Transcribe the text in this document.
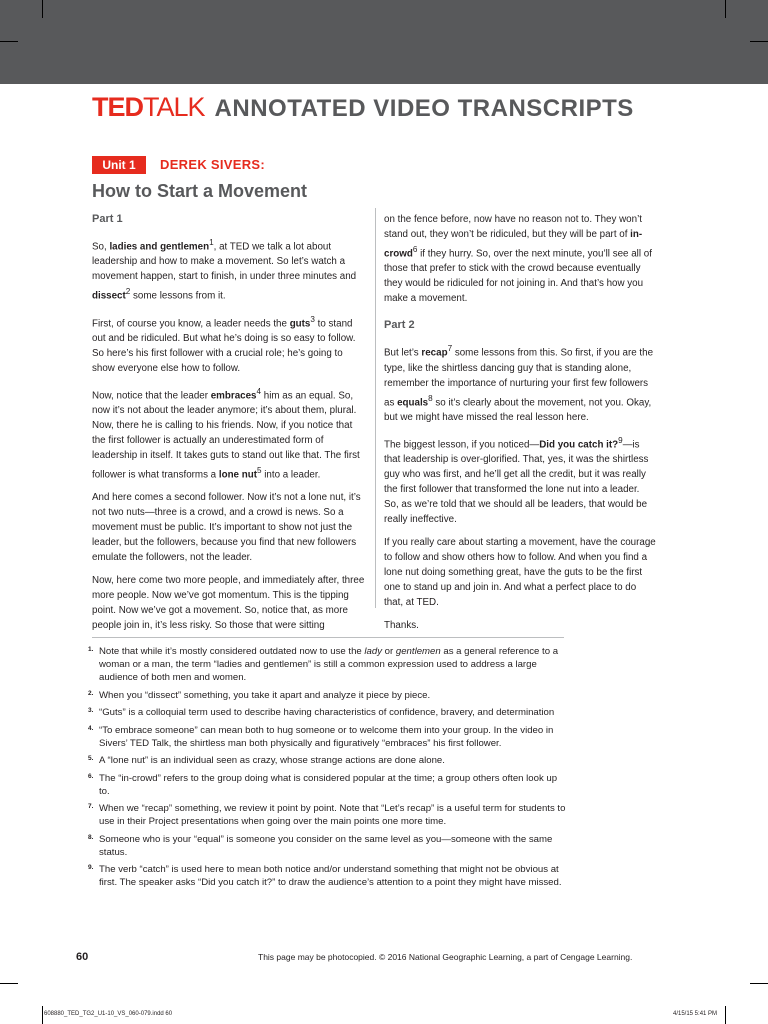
TEDTALK ANNOTATED VIDEO TRANSCRIPTS
Unit 1	DEREK SIVERS:
How to Start a Movement
Part 1

So, ladies and gentlemen$^1$, at TED we talk a lot about leadership and how to make a movement. So let’s watch a movement happen, start to finish, in under three minutes and dissect$^2$ some lessons from it.

First, of course you know, a leader needs the guts$^3$ to stand out and be ridiculed. But what he’s doing is so easy to follow. So here’s his first follower with a crucial role; he’s going to show everyone else how to follow.

Now, notice that the leader embraces$^4$ him as an equal. So, now it’s not about the leader anymore; it’s about them, plural. Now, there he is calling to his friends. Now, if you notice that the first follower is actually an underestimated form of leadership in itself. It takes guts to stand out like that. The first follower is what transforms a lone nut$^5$ into a leader.

And here comes a second follower. Now it’s not a lone nut, it’s not two nuts—three is a crowd, and a crowd is news. So a movement must be public. It’s important to show not just the leader, but the followers, because you find that new followers emulate the followers, not the leader.

Now, here come two more people, and immediately after, three more people. Now we’ve got momentum. This is the tipping point. Now we’ve got a movement. So, notice that, as more people join in, it’s less risky. So those that were sitting

on the fence before, now have no reason not to. They won’t stand out, they won’t be ridiculed, but they will be part of in-crowd$^6$ if they hurry. So, over the next minute, you’ll see all of those that prefer to stick with the crowd because eventually they would be ridiculed for not joining in. And that’s how you make a movement.

Part 2

But let’s recap$^7$ some lessons from this. So first, if you are the type, like the shirtless dancing guy that is standing alone, remember the importance of nurturing your first few followers as equals$^8$ so it’s clearly about the movement, not you. Okay, but we might have missed the real lesson here.

The biggest lesson, if you noticed—Did you catch it?$^9$—is that leadership is over-glorified. That, yes, it was the shirtless guy who was first, and he’ll get all the credit, but it was really the first follower that transformed the lone nut into a leader. So, as we’re told that we should all be leaders, that would be really ineffective.

If you really care about starting a movement, have the courage to follow and show others how to follow. And when you find a lone nut doing something great, have the guts to be the first one to stand up and join in. And what a perfect place to do that, at TED.

Thanks.

1. Note that while it’s mostly considered outdated now to use the lady or gentlemen as a general reference to a woman or a man, the term “ladies and gentlemen” is still a common expression used to address a large audience of both men and women.
2. When you “dissect” something, you take it apart and analyze it piece by piece.
3. “Guts” is a colloquial term used to describe having characteristics of confidence, bravery, and determination
4. “To embrace someone” can mean both to hug someone or to welcome them into your group. In the video in Sivers’ TED Talk, the shirtless man both physically and figuratively “embraces” his first follower.
5. A “lone nut” is an individual seen as crazy, whose strange actions are done alone.
6. The “in-crowd” refers to the group doing what is considered popular at the time; a group others often look up to.
7. When we “recap” something, we review it point by point. Note that “Let’s recap” is a useful term for students to use in their Project presentations when going over the main points one more time.
8. Someone who is your “equal” is someone you consider on the same level as you—someone with the same status.
9. The verb “catch” is used here to mean both notice and/or understand something that might not be obvious at first. The speaker asks “Did you catch it?” to draw the audience’s attention to a point they might have missed.
60	This page may be photocopied. © 2016 National Geographic Learning, a part of Cengage Learning.
608880_TED_TG2_U1-10_VS_060-079.indd 60	4/15/15 5:41 PM
